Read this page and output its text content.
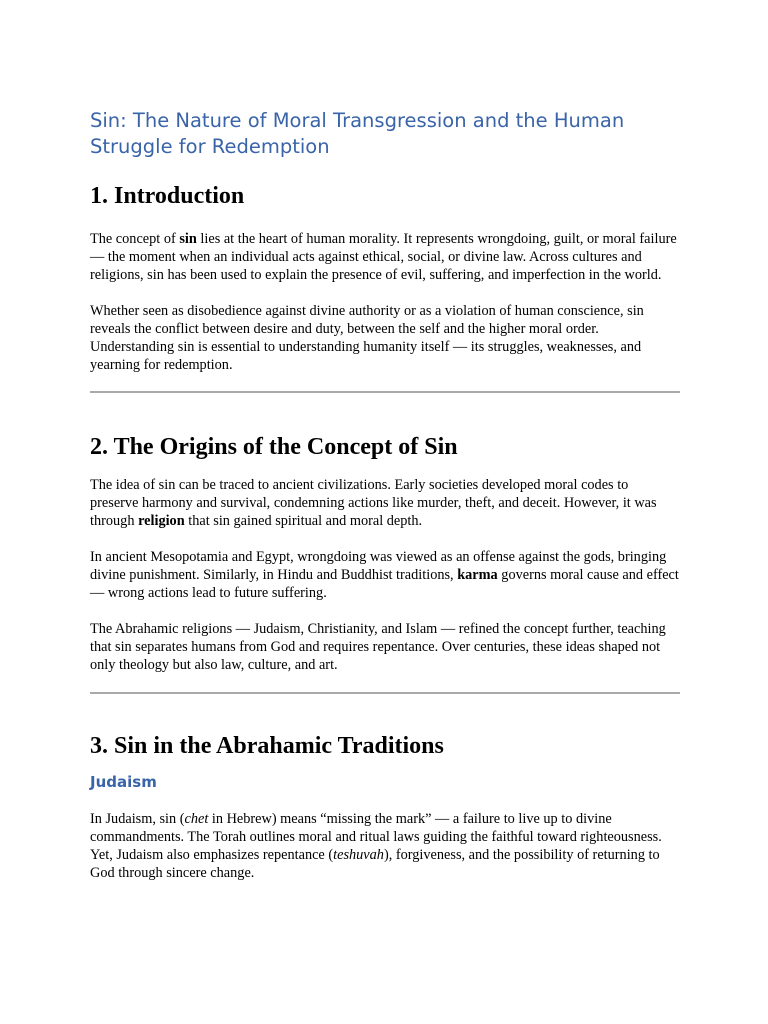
Sin: The Nature of Moral Transgression and the Human Struggle for Redemption
1. Introduction

The concept of sin lies at the heart of human morality. It represents wrongdoing, guilt, or moral failure — the moment when an individual acts against ethical, social, or divine law. Across cultures and religions, sin has been used to explain the presence of evil, suffering, and imperfection in the world.

Whether seen as disobedience against divine authority or as a violation of human conscience, sin reveals the conflict between desire and duty, between the self and the higher moral order. Understanding sin is essential to understanding humanity itself — its struggles, weaknesses, and yearning for redemption.

2. The Origins of the Concept of Sin

The idea of sin can be traced to ancient civilizations. Early societies developed moral codes to preserve harmony and survival, condemning actions like murder, theft, and deceit. However, it was through religion that sin gained spiritual and moral depth.

In ancient Mesopotamia and Egypt, wrongdoing was viewed as an offense against the gods, bringing divine punishment. Similarly, in Hindu and Buddhist traditions, karma governs moral cause and effect — wrong actions lead to future suffering.

The Abrahamic religions — Judaism, Christianity, and Islam — refined the concept further, teaching that sin separates humans from God and requires repentance. Over centuries, these ideas shaped not only theology but also law, culture, and art.

3. Sin in the Abrahamic Traditions
Judaism

In Judaism, sin (chet in Hebrew) means “missing the mark” — a failure to live up to divine commandments. The Torah outlines moral and ritual laws guiding the faithful toward righteousness. Yet, Judaism also emphasizes repentance (teshuvah), forgiveness, and the possibility of returning to God through sincere change.
